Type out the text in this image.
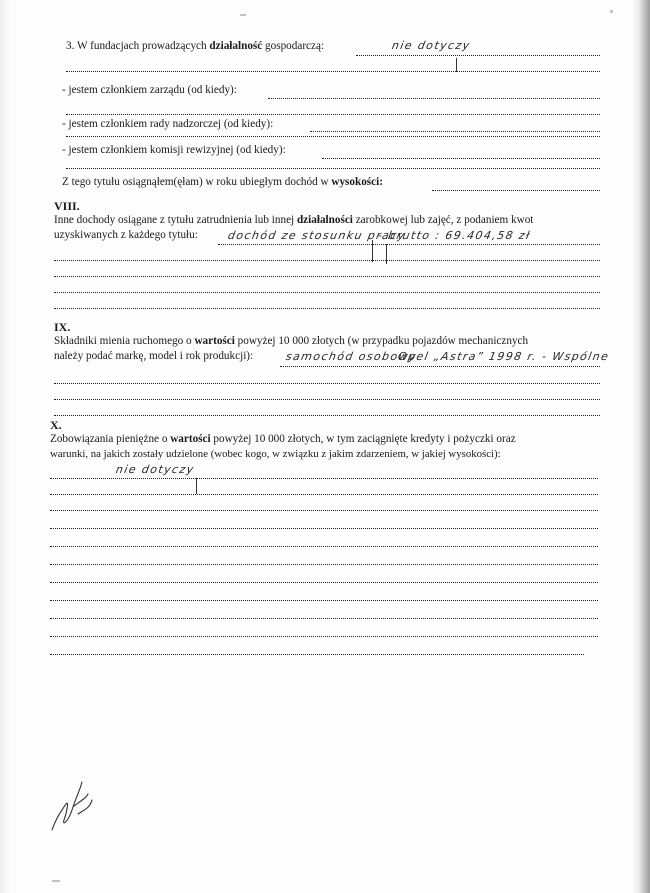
3. W fundacjach prowadzących działalność gospodarczą:	nie dotyczy
- jestem członkiem zarządu (od kiedy):
- jestem członkiem rady nadzorczej (od kiedy):
- jestem członkiem komisji rewizyjnej (od kiedy):
Z tego tytułu osiągnąłem(ęłam) w roku ubiegłym dochód w wysokości:
VIII.
Inne dochody osiągane z tytułu zatrudnienia lub innej działalności zarobkowej lub zajęć, z podaniem kwot
uzyskiwanych z każdego tytułu:	dochód ze stosunku pracy
- brutto : 69.404,58 zł
IX.
Składniki mienia ruchomego o wartości powyżej 10 000 złotych (w przypadku pojazdów mechanicznych
należy podać markę, model i rok produkcji):	samochód osobowy
Opel „Astra” 1998 r. - Wspólne
X.
Zobowiązania pieniężne o wartości powyżej 10 000 złotych, w tym zaciągnięte kredyty i pożyczki oraz
warunki, na jakich zostały udzielone (wobec kogo, w związku z jakim zdarzeniem, w jakiej wysokości):
nie dotyczy
